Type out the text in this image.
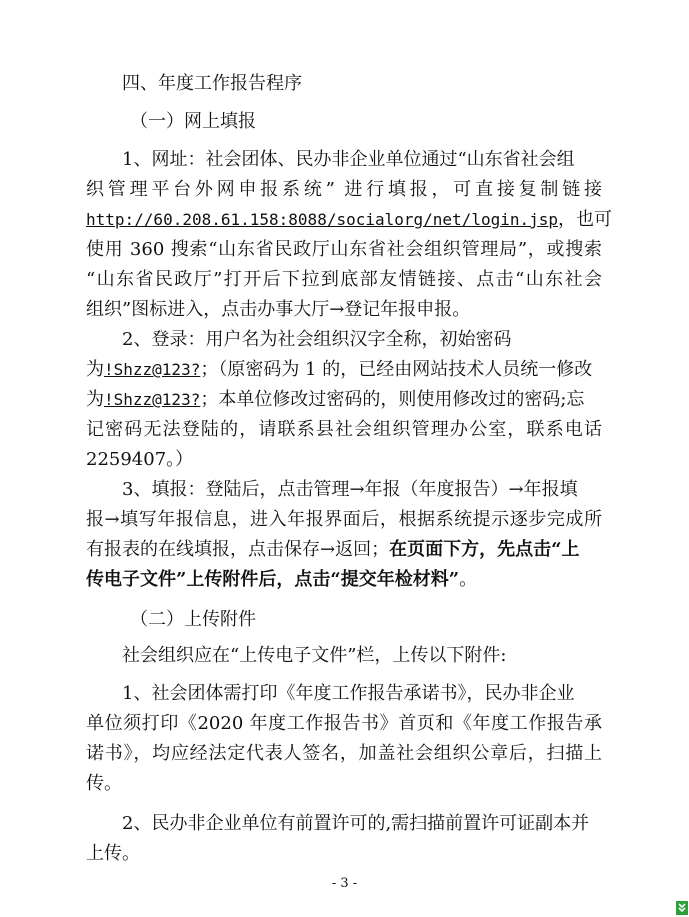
四、年度工作报告程序
（一）网上填报
1、网址：社会团体、民办非企业单位通过“山东省社会组
织管理平台外网申报系统” 进行填报，可直接复制链接
http://60.208.61.158:8088/socialorg/net/login.jsp，也可
使用 360 搜索“山东省民政厅山东省社会组织管理局”，或搜索
“山东省民政厅”打开后下拉到底部友情链接、点击“山东社会
组织”图标进入，点击办事大厅→登记年报申报。
2、登录：用户名为社会组织汉字全称，初始密码
为!Shzz@123?；（原密码为 1 的，已经由网站技术人员统一修改
为!Shzz@123?；本单位修改过密码的，则使用修改过的密码;忘
记密码无法登陆的，请联系县社会组织管理办公室，联系电话
2259407。）
3、填报：登陆后，点击管理→年报（年度报告）→年报填
报→填写年报信息，进入年报界面后，根据系统提示逐步完成所
有报表的在线填报，点击保存→返回；在页面下方，先点击“上
传电子文件”上传附件后，点击“提交年检材料”。
（二）上传附件
社会组织应在“上传电子文件”栏，上传以下附件:
1、社会团体需打印《年度工作报告承诺书》，民办非企业
单位须打印《2020 年度工作报告书》首页和《年度工作报告承
诺书》，均应经法定代表人签名，加盖社会组织公章后，扫描上
传。
2、民办非企业单位有前置许可的,需扫描前置许可证副本并
上传。
- 3 -
